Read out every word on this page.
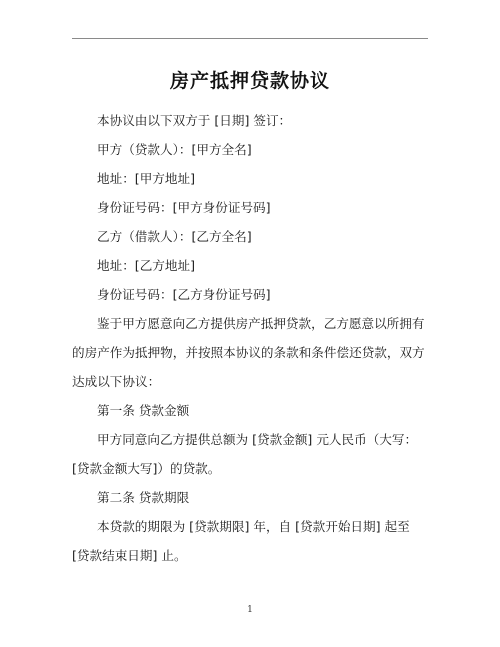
房产抵押贷款协议

本协议由以下双方于 [日期] 签订：

甲方（贷款人）：[甲方全名]

地址：[甲方地址]

身份证号码：[甲方身份证号码]

乙方（借款人）：[乙方全名]

地址：[乙方地址]

身份证号码：[乙方身份证号码]

鉴于甲方愿意向乙方提供房产抵押贷款，乙方愿意以所拥有的房产作为抵押物，并按照本协议的条款和条件偿还贷款，双方达成以下协议：

第一条 贷款金额

甲方同意向乙方提供总额为 [贷款金额] 元人民币（大写：[贷款金额大写]）的贷款。

第二条 贷款期限

本贷款的期限为 [贷款期限] 年，自 [贷款开始日期] 起至 [贷款结束日期] 止。

1
